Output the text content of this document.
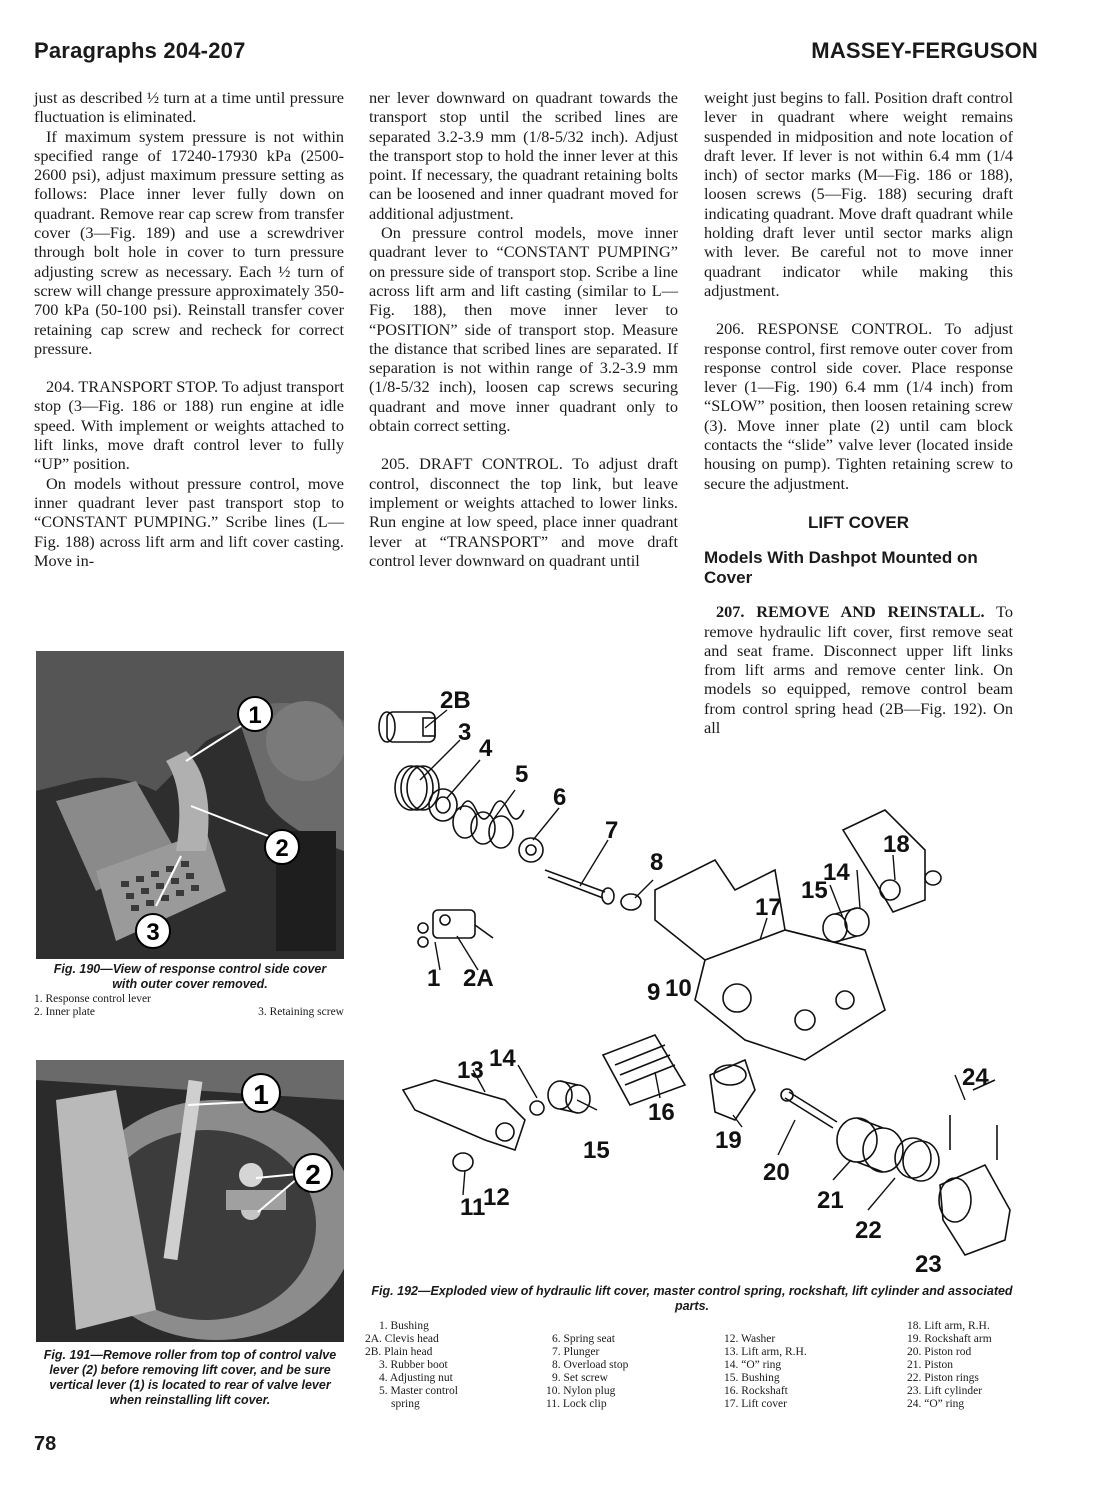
Paragraphs 204-207	MASSEY-FERGUSON

just as described ½ turn at a time until pressure fluctuation is eliminated.

If maximum system pressure is not within specified range of 17240-17930 kPa (2500-2600 psi), adjust maximum pressure setting as follows: Place inner lever fully down on quadrant. Remove rear cap screw from transfer cover (3—Fig. 189) and use a screwdriver through bolt hole in cover to turn pressure adjusting screw as necessary. Each ½ turn of screw will change pressure approximately 350-700 kPa (50-100 psi). Reinstall transfer cover retaining cap screw and recheck for correct pressure.

204. TRANSPORT STOP. To adjust transport stop (3—Fig. 186 or 188) run engine at idle speed. With implement or weights attached to lift links, move draft control lever to fully “UP” position.

On models without pressure control, move inner quadrant lever past transport stop to “CONSTANT PUMPING.” Scribe lines (L— Fig. 188) across lift arm and lift cover casting. Move in-

ner lever downward on quadrant towards the transport stop until the scribed lines are separated 3.2-3.9 mm (1/8-5/32 inch). Adjust the transport stop to hold the inner lever at this point. If necessary, the quadrant retaining bolts can be loosened and inner quadrant moved for additional adjustment.

On pressure control models, move inner quadrant lever to “CONSTANT PUMPING” on pressure side of transport stop. Scribe a line across lift arm and lift casting (similar to L—Fig. 188), then move inner lever to “POSITION” side of transport stop. Measure the distance that scribed lines are separated. If separation is not within range of 3.2-3.9 mm (1/8-5/32 inch), loosen cap screws securing quadrant and move inner quadrant only to obtain correct setting.

205. DRAFT CONTROL. To adjust draft control, disconnect the top link, but leave implement or weights attached to lower links. Run engine at low speed, place inner quadrant lever at “TRANSPORT” and move draft control lever downward on quadrant until

weight just begins to fall. Position draft control lever in quadrant where weight remains suspended in midposition and note location of draft lever. If lever is not within 6.4 mm (1/4 inch) of sector marks (M—Fig. 186 or 188), loosen screws (5—Fig. 188) securing draft indicating quadrant. Move draft quadrant while holding draft lever until sector marks align with lever. Be careful not to move inner quadrant indicator while making this adjustment.

206. RESPONSE CONTROL. To adjust response control, first remove outer cover from response control side cover. Place response lever (1—Fig. 190) 6.4 mm (1/4 inch) from “SLOW” position, then loosen retaining screw (3). Move inner plate (2) until cam block contacts the “slide” valve lever (located inside housing on pump). Tighten retaining screw to secure the adjustment.

LIFT COVER
Models With Dashpot Mounted on Cover

207. REMOVE AND REINSTALL. To remove hydraulic lift cover, first remove seat and seat frame. Disconnect upper lift links from lift arms and remove center link. On models so equipped, remove control beam from control spring head (2B—Fig. 192). On all

1
2
3
Fig. 190—View of response control side cover with outer cover removed.
1. Response control lever
2. Inner plate	3. Retaining screw
1
2
Fig. 191—Remove roller from top of control valve lever (2) before removing lift cover, and be sure vertical lever (1) is located to rear of valve lever when reinstalling lift cover.
2B
3
4
5
6
7
8
18
14
15
17
1 2A
9 10
13 14
16
19
24
11
12
15
20
21
22
23
Fig. 192—Exploded view of hydraulic lift cover, master control spring, rockshaft, lift cylinder and associated parts.
1. Bushing
2A. Clevis head
2B. Plain head
3. Rubber boot
4. Adjusting nut
5. Master control
spring
6. Spring seat
7. Plunger
8. Overload stop
9. Set screw
10. Nylon plug
11. Lock clip
12. Washer
13. Lift arm, R.H.
14. “O” ring
15. Bushing
16. Rockshaft
17. Lift cover
18. Lift arm, R.H.
19. Rockshaft arm
20. Piston rod
21. Piston
22. Piston rings
23. Lift cylinder
24. “O” ring
78
